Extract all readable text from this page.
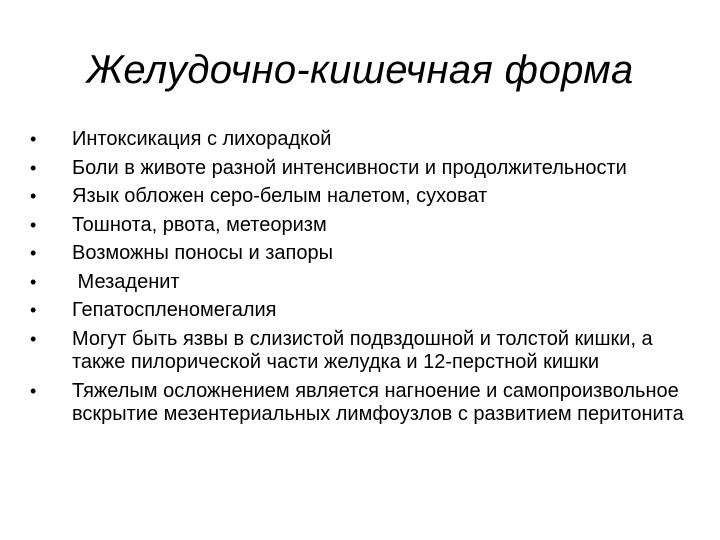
Желудочно-кишечная форма
•	Интоксикация с лихорадкой
•	Боли в животе разной интенсивности и продолжительности
•	Язык обложен серо-белым налетом, суховат
•	Тошнота, рвота, метеоризм
•	Возможны поносы и запоры
•	Мезаденит
•	Гепатоспленомегалия
•	Могут быть язвы в слизистой подвздошной и толстой кишки, а также пилорической части желудка и 12-перстной кишки
•	Тяжелым осложнением является нагноение и самопроизвольное вскрытие мезентериальных лимфоузлов с развитием перитонита
